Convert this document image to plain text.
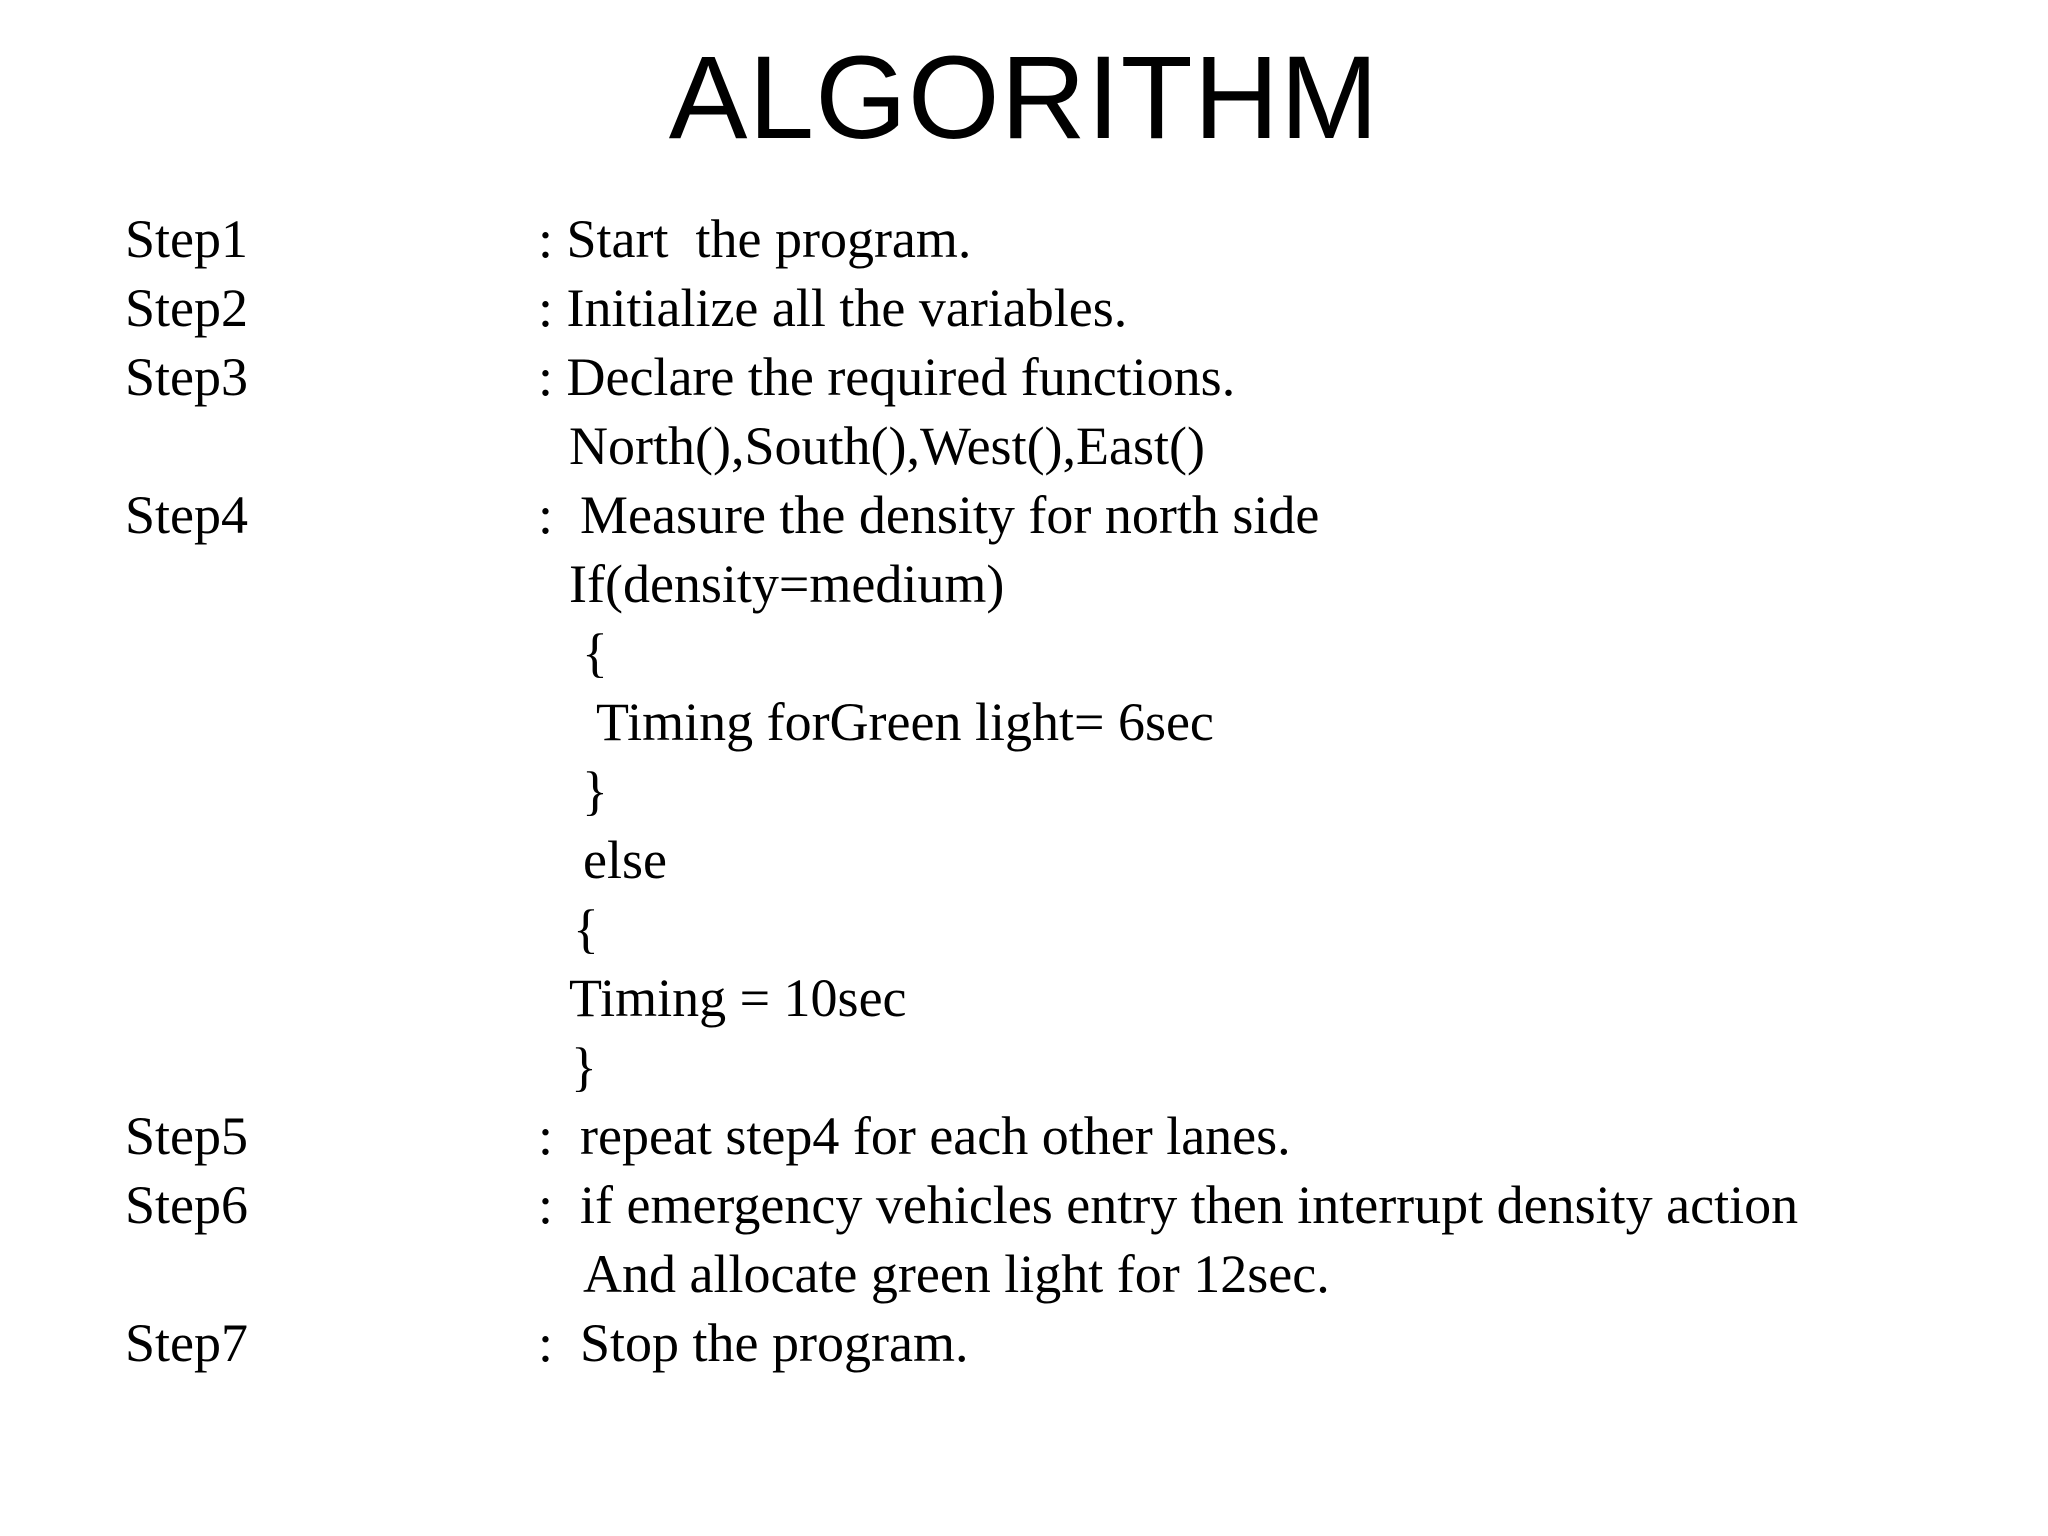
ALGORITHM
Step1	: Start  the program.
Step2	: Initialize all the variables.
Step3	: Declare the required functions.
North(),South(),West(),East()
Step4	:  Measure the density for north side
If(density=medium)
{
Timing forGreen light= 6sec
}
else
{
Timing = 10sec
}
Step5	:  repeat step4 for each other lanes.
Step6	:  if emergency vehicles entry then interrupt density action
And allocate green light for 12sec.
Step7	:  Stop the program.
